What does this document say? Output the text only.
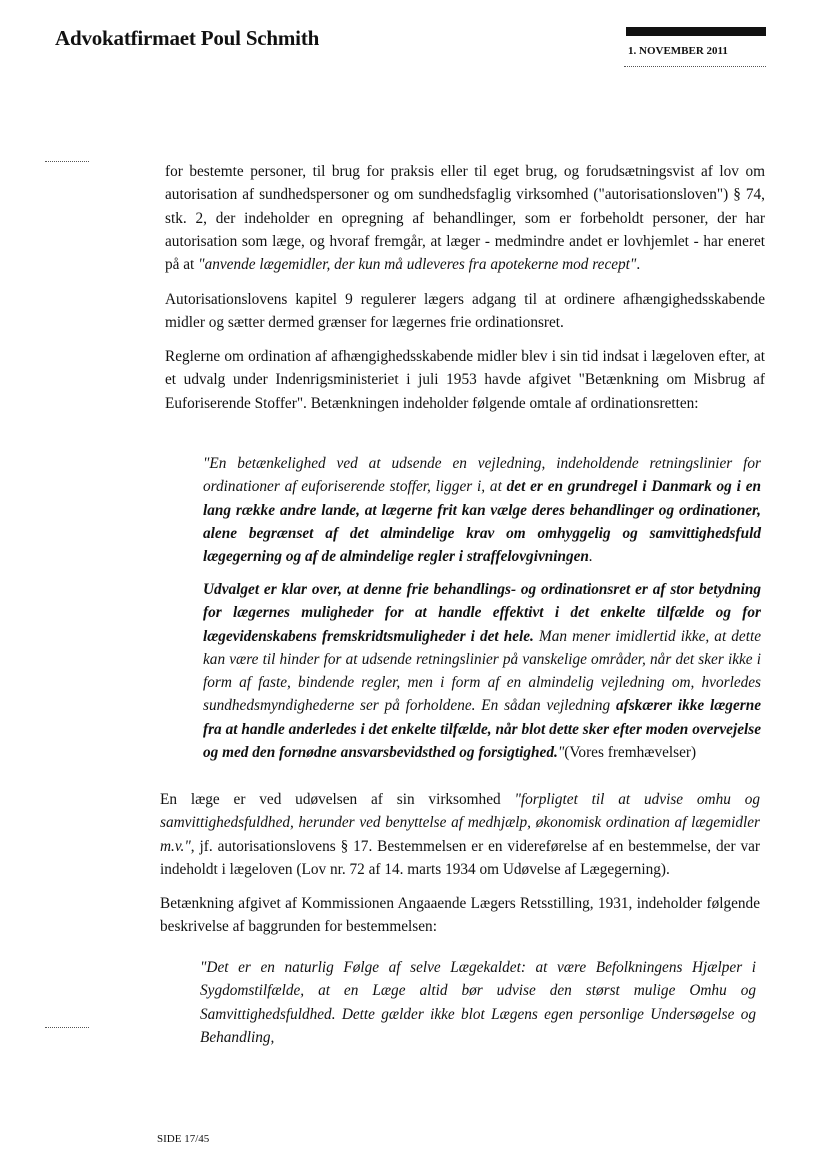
Advokatfirmaet Poul Schmith
1. NOVEMBER 2011

for bestemte personer, til brug for praksis eller til eget brug, og forudsætningsvist af lov om autorisation af sundhedspersoner og om sundhedsfaglig virksomhed ("autorisationsloven") § 74, stk. 2, der indeholder en opregning af behandlinger, som er forbeholdt personer, der har autorisation som læge, og hvoraf fremgår, at læger - medmindre andet er lovhjemlet - har eneret på at "anvende lægemidler, der kun må udleveres fra apotekerne mod recept".

Autorisationslovens kapitel 9 regulerer lægers adgang til at ordinere afhængighedsskabende midler og sætter dermed grænser for lægernes frie ordinationsret.

Reglerne om ordination af afhængighedsskabende midler blev i sin tid indsat i lægeloven efter, at et udvalg under Indenrigsministeriet i juli 1953 havde afgivet "Betænkning om Misbrug af Euforiserende Stoffer". Betænkningen indeholder følgende omtale af ordinationsretten:

"En betænkelighed ved at udsende en vejledning, indeholdende retningslinier for ordinationer af euforiserende stoffer, ligger i, at det er en grundregel i Danmark og i en lang række andre lande, at lægerne frit kan vælge deres behandlinger og ordinationer, alene begrænset af det almindelige krav om omhyggelig og samvittighedsfuld lægegerning og af de almindelige regler i straffelovgivningen.

Udvalget er klar over, at denne frie behandlings- og ordinationsret er af stor betydning for lægernes muligheder for at handle effektivt i det enkelte tilfælde og for lægevidenskabens fremskridtsmuligheder i det hele. Man mener imidlertid ikke, at dette kan være til hinder for at udsende retningslinier på vanskelige områder, når det sker ikke i form af faste, bindende regler, men i form af en almindelig vejledning om, hvorledes sundhedsmyndighederne ser på forholdene. En sådan vejledning afskærer ikke lægerne fra at handle anderledes i det enkelte tilfælde, når blot dette sker efter moden overvejelse og med den fornødne ansvarsbevidsthed og forsigtighed."(Vores fremhævelser)

En læge er ved udøvelsen af sin virksomhed "forpligtet til at udvise omhu og samvittighedsfuldhed, herunder ved benyttelse af medhjælp, økonomisk ordination af lægemidler m.v.", jf. autorisationslovens § 17. Bestemmelsen er en videreførelse af en bestemmelse, der var indeholdt i lægeloven (Lov nr. 72 af 14. marts 1934 om Udøvelse af Lægegerning).

Betænkning afgivet af Kommissionen Angaaende Lægers Retsstilling, 1931, indeholder følgende beskrivelse af baggrunden for bestemmelsen:

"Det er en naturlig Følge af selve Lægekaldet: at være Befolkningens Hjælper i Sygdomstilfælde, at en Læge altid bør udvise den størst mulige Omhu og Samvittighedsfuldhed. Dette gælder ikke blot Lægens egen personlige Undersøgelse og Behandling,

SIDE 17/45
